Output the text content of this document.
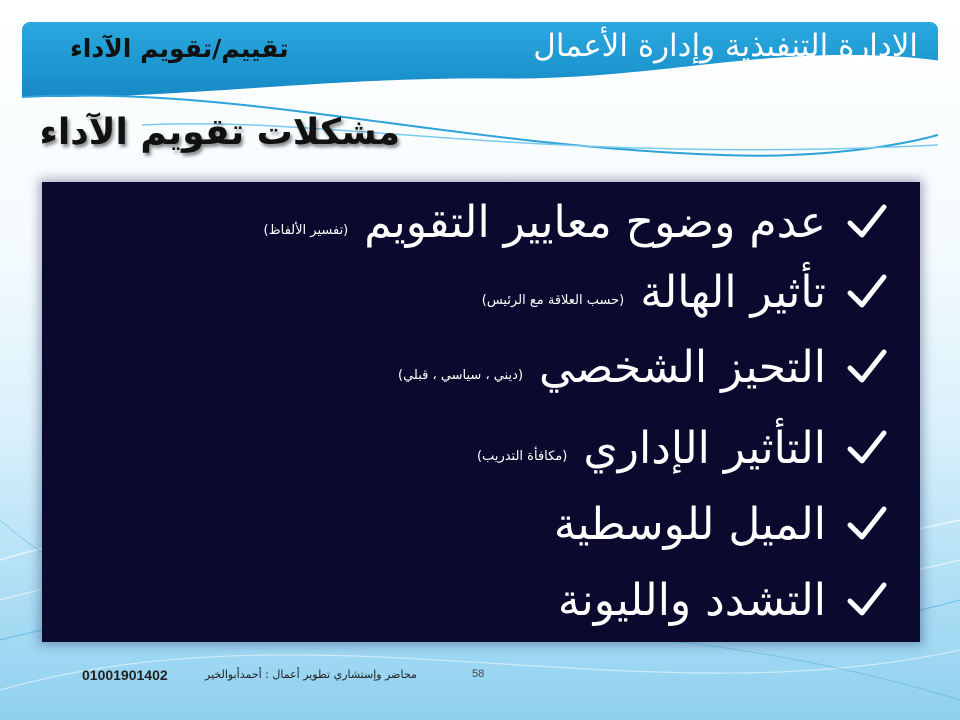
الإدارة التنفيذية وإدارة الأعمال
تقييم/تقويم الآداء
مشكلات تقويم الآداء
عدم وضوح معايير التقويم
(تفسير الألفاظ)
تأثير الهالة
(حسب العلاقة مع الرئيس)
التحيز الشخصي
(ديني ، سياسي ، قبلي)
التأثير الإداري
(مكافأة التدريب)
الميل للوسطية
التشدد والليونة
01001901402	محاضر وإستشاري تطوير أعمال : أحمدأبوالخير	58
